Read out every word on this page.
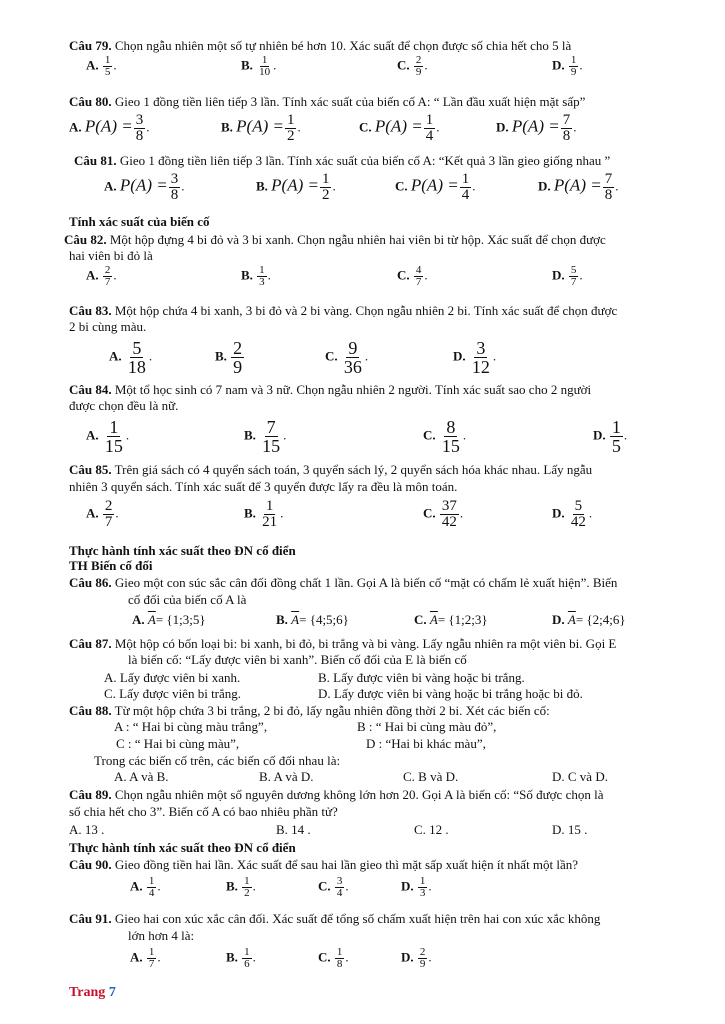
Câu 79. Chọn ngẫu nhiên một số tự nhiên bé hơn 10. Xác suất để chọn được số chia hết cho 5 là
A. $\frac{1}{5}$ .	B. $\frac{1}{10}$ .	C. $\frac{2}{9}$ .	D. $\frac{1}{9}$ .
Câu 80. Gieo 1 đồng tiền liên tiếp 3 lần. Tính xác suất của biến cố A: “ Lần đầu xuất hiện mặt sấp”
A. $P(A) = \frac{3}{8}$ .	B. $P(A) = \frac{1}{2}$ .	C. $P(A) = \frac{1}{4}$ .	D. $P(A) = \frac{7}{8}$ .
Câu 81. Gieo 1 đồng tiền liên tiếp 3 lần. Tính xác suất của biến cố A: “Kết quả 3 lần gieo giống nhau ”
A. $P(A) = \frac{3}{8}$ .	B. $P(A) = \frac{1}{2}$ .	C. $P(A) = \frac{1}{4}$ .	D. $P(A) = \frac{7}{8}$ .
Tính xác suất của biến cố
Câu 82. Một hộp đựng 4 bi đỏ và 3 bi xanh. Chọn ngẫu nhiên hai viên bi từ hộp. Xác suất để chọn được
hai viên bi đỏ là
A. $\frac{2}{7}$ .	B. $\frac{1}{3}$ .	C. $\frac{4}{7}$ .	D. $\frac{5}{7}$ .
Câu 83. Một hộp chứa 4 bi xanh, 3 bi đỏ và 2 bi vàng. Chọn ngẫu nhiên 2 bi. Tính xác suất để chọn được
2 bi cùng màu.
A. $\frac{5}{18}$ .	B. $\frac{2}{9}$	C. $\frac{9}{36}$ .	D. $\frac{3}{12}$ .
Câu 84. Một tổ học sinh có 7 nam và 3 nữ. Chọn ngẫu nhiên 2 người. Tính xác suất sao cho 2 người
được chọn đều là nữ.
A. $\frac{1}{15}$ .	B. $\frac{7}{15}$ .	C. $\frac{8}{15}$ .	D. $\frac{1}{5}$ .
Câu 85. Trên giá sách có 4 quyển sách toán, 3 quyển sách lý, 2 quyển sách hóa khác nhau. Lấy ngẫu
nhiên 3 quyển sách. Tính xác suất để 3 quyển được lấy ra đều là môn toán.
A. $\frac{2}{7}$ .	B. $\frac{1}{21}$ .	C. $\frac{37}{42}$ .	D. $\frac{5}{42}$ .
Thực hành tính xác suất theo ĐN cổ điển
TH Biến cố đối
Câu 86. Gieo một con súc sắc cân đối đồng chất 1 lần. Gọi A là biến cố “mặt có chấm lẻ xuất hiện”. Biến
cố đối của biến cố A là
A. $\overline{A}=$ {1;3;5}	B. $\overline{A}=$ {4;5;6}	C. $\overline{A}=$ {1;2;3}	D. $\overline{A}=$ {2;4;6}
Câu 87. Một hộp có bốn loại bi: bi xanh, bi đỏ, bi trắng và bi vàng. Lấy ngẫu nhiên ra một viên bi. Gọi E
là biến cố: “Lấy được viên bi xanh”. Biến cố đối của E là biến cố
A. Lấy được viên bi xanh.	B. Lấy được viên bi vàng hoặc bi trắng.
C. Lấy được viên bi trắng.	D. Lấy được viên bi vàng hoặc bi trắng hoặc bi đỏ.
Câu 88. Từ một hộp chứa 3 bi trắng, 2 bi đỏ, lấy ngẫu nhiên đồng thời 2 bi. Xét các biến cố:
A : “ Hai bi cùng màu trắng”,	B : “ Hai bi cùng màu đỏ”,
C : “ Hai bi cùng màu”,	D : “Hai bi khác màu”,
Trong các biến cố trên, các biến cố đối nhau là:
A. A và B.	B. A và D.	C. B và D.	D. C và D.
Câu 89. Chọn ngẫu nhiên một số nguyên dương không lớn hơn 20. Gọi A là biến cố: “Số được chọn là
số chia hết cho 3”. Biến cố A có bao nhiêu phần tử?
A. 13 .	B. 14 .	C. 12 .	D. 15 .
Thực hành tính xác suất theo ĐN cổ điển
Câu 90. Gieo đồng tiền hai lần. Xác suất để sau hai lần gieo thì mặt sấp xuất hiện ít nhất một lần?
A. $\frac{1}{4}$ .	B. $\frac{1}{2}$ .	C. $\frac{3}{4}$ .	D. $\frac{1}{3}$ .
Câu 91. Gieo hai con xúc xắc cân đối. Xác suất để tổng số chấm xuất hiện trên hai con xúc xắc không
lớn hơn 4 là:
A. $\frac{1}{7}$ .	B. $\frac{1}{6}$ .	C. $\frac{1}{8}$ .	D. $\frac{2}{9}$ .
Trang 7
